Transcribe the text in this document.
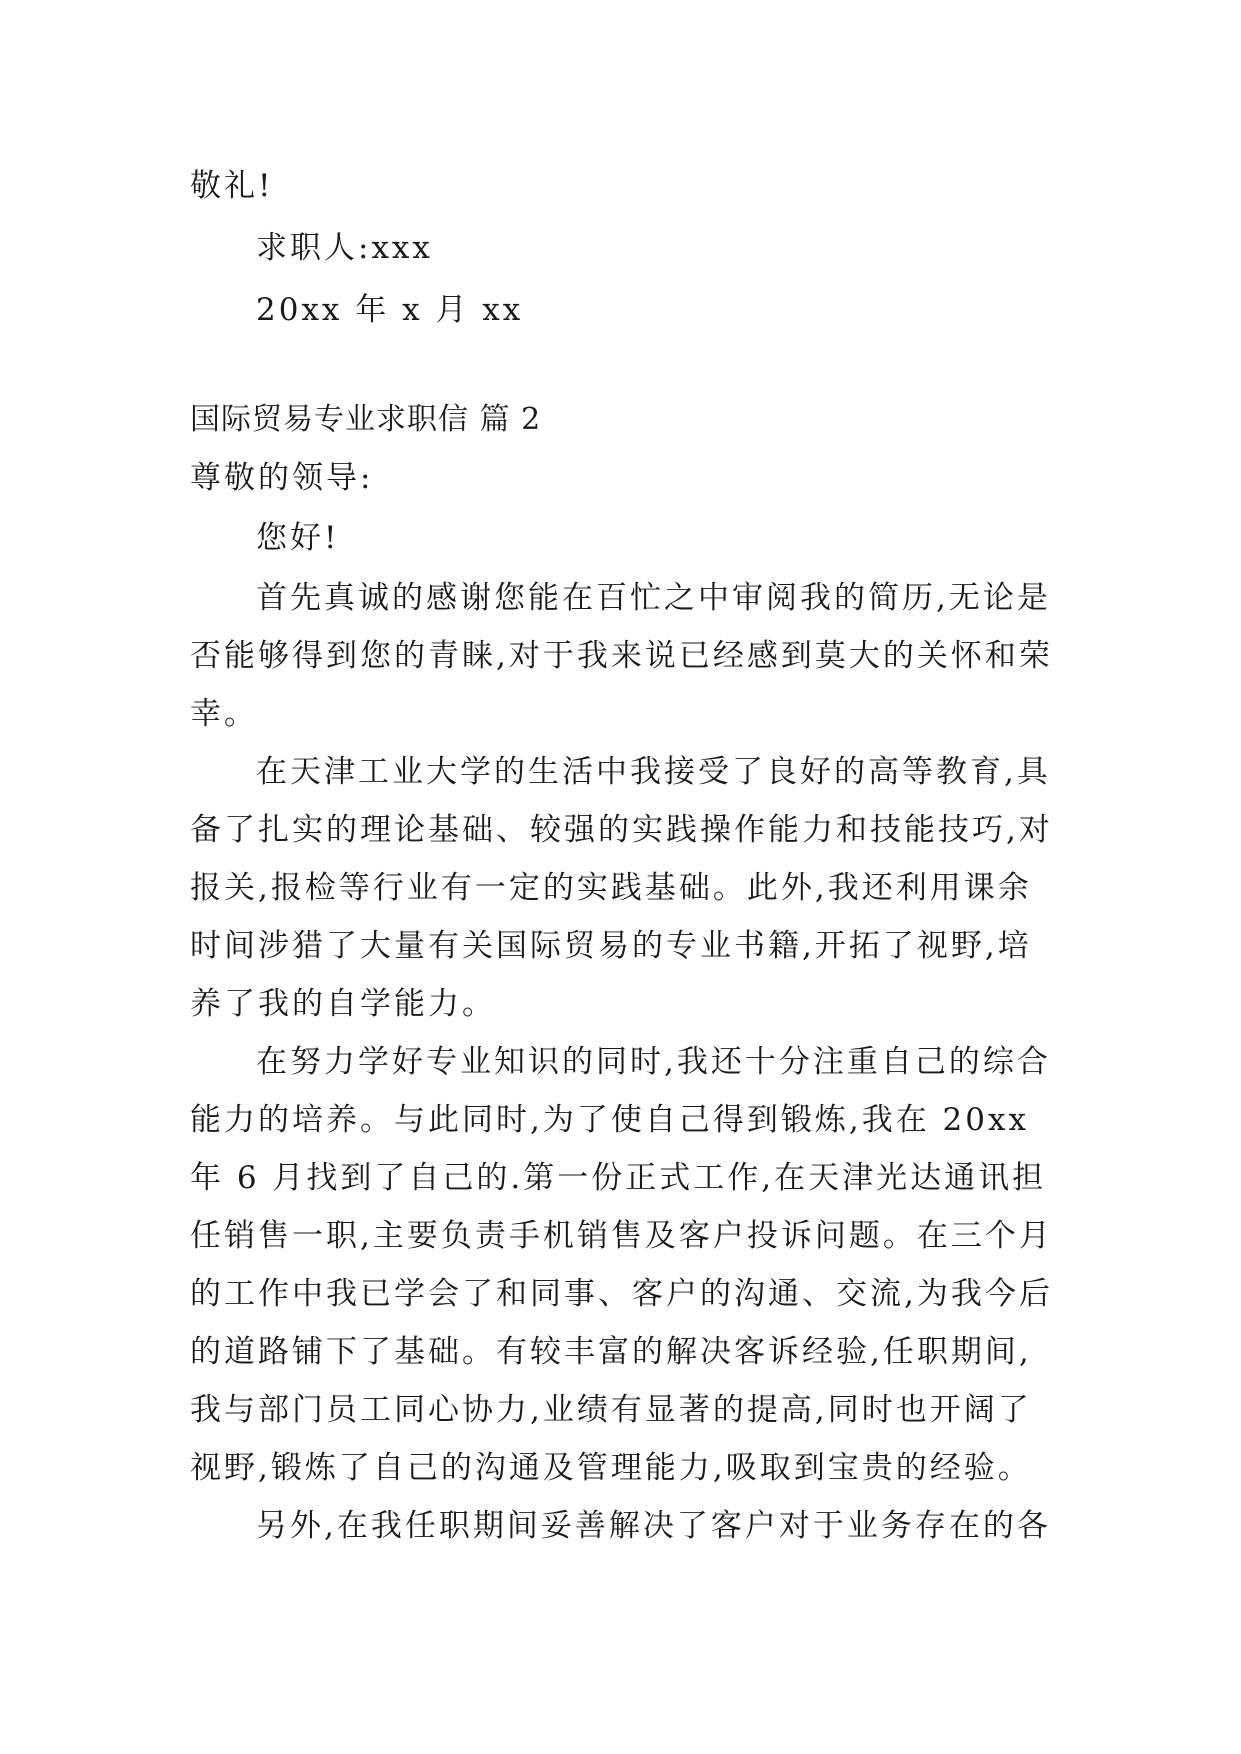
敬礼!
求职人:xxx
20xx 年 x 月 xx
国际贸易专业求职信 篇 2
尊敬的领导:
您好!
首先真诚的感谢您能在百忙之中审阅我的简历,无论是
否能够得到您的青睐,对于我来说已经感到莫大的关怀和荣
幸。
在天津工业大学的生活中我接受了良好的高等教育,具
备了扎实的理论基础、较强的实践操作能力和技能技巧,对
报关,报检等行业有一定的实践基础。此外,我还利用课余
时间涉猎了大量有关国际贸易的专业书籍,开拓了视野,培
养了我的自学能力。
在努力学好专业知识的同时,我还十分注重自己的综合
能力的培养。与此同时,为了使自己得到锻炼,我在 20xx
年 6 月找到了自己的.第一份正式工作,在天津光达通讯担
任销售一职,主要负责手机销售及客户投诉问题。在三个月
的工作中我已学会了和同事、客户的沟通、交流,为我今后
的道路铺下了基础。有较丰富的解决客诉经验,任职期间,
我与部门员工同心协力,业绩有显著的提高,同时也开阔了
视野,锻炼了自己的沟通及管理能力,吸取到宝贵的经验。
另外,在我任职期间妥善解决了客户对于业务存在的各
